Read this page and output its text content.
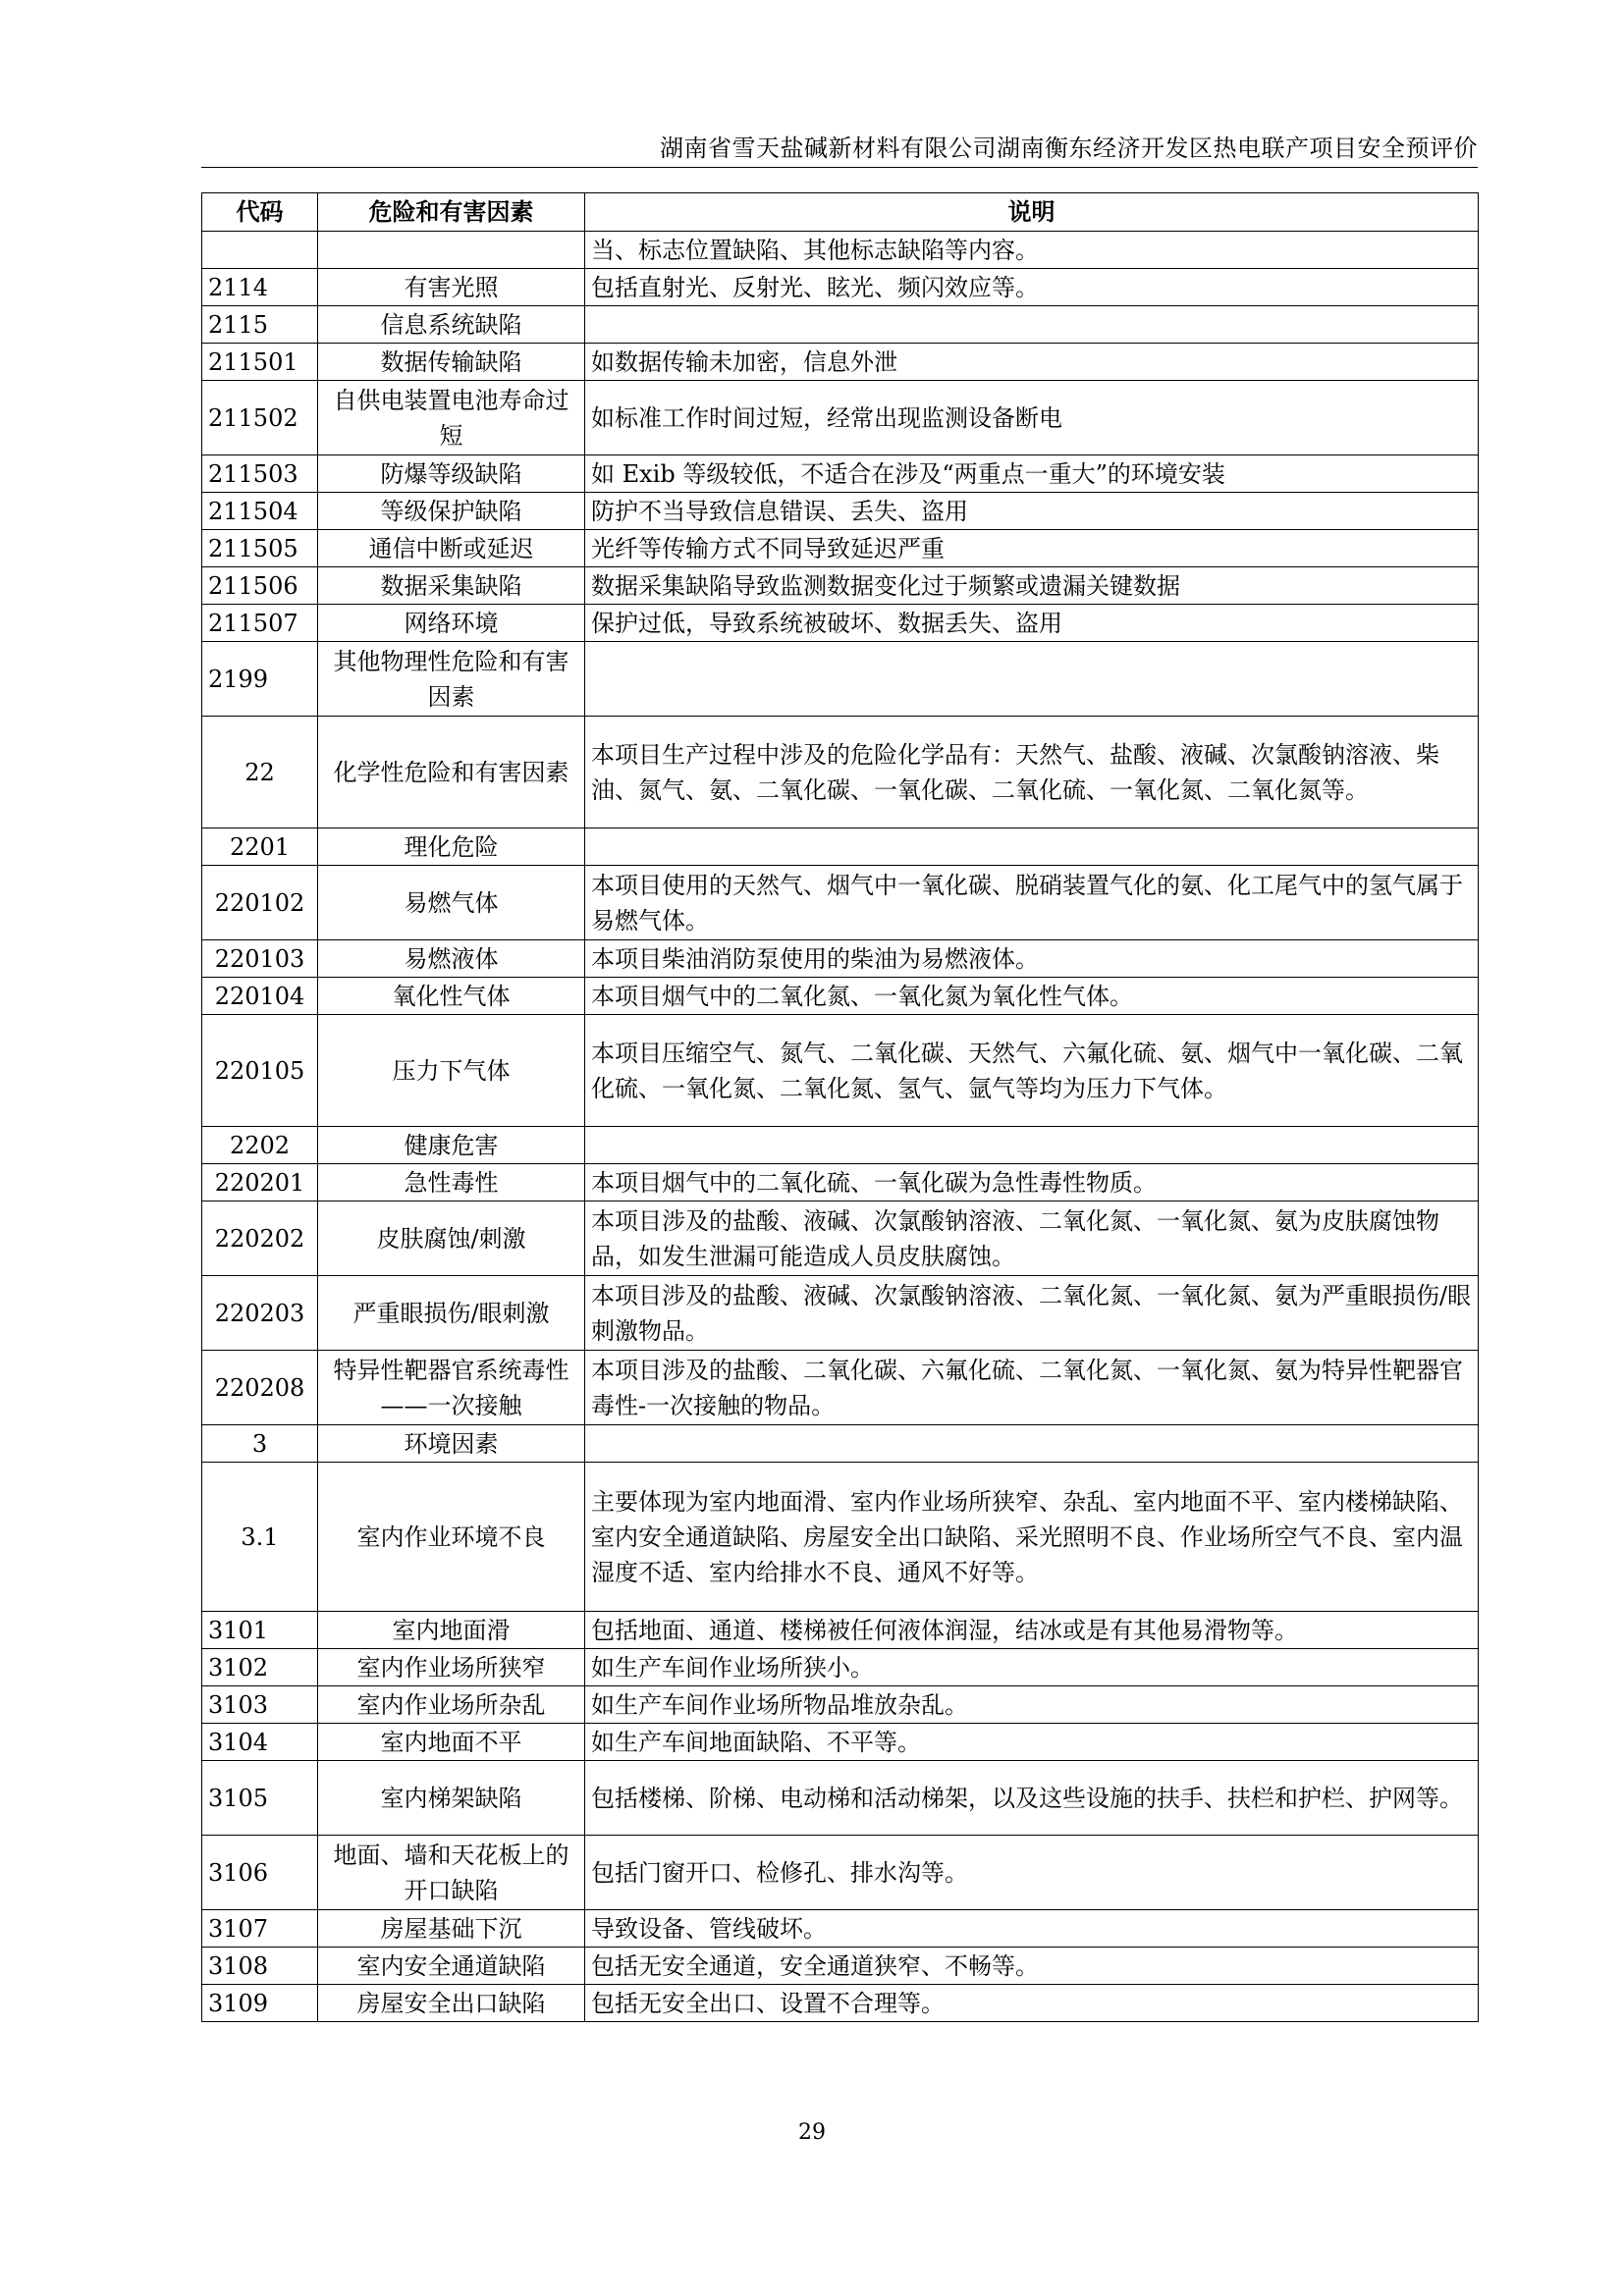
湖南省雪天盐碱新材料有限公司湖南衡东经济开发区热电联产项目安全预评价
代码	危险和有害因素	说明
		当、标志位置缺陷、其他标志缺陷等内容。
2114	有害光照	包括直射光、反射光、眩光、频闪效应等。
2115	信息系统缺陷	
211501	数据传输缺陷	如数据传输未加密，信息外泄
211502	自供电装置电池寿命过短	如标准工作时间过短，经常出现监测设备断电
211503	防爆等级缺陷	如 Exib 等级较低，不适合在涉及“两重点一重大”的环境安装
211504	等级保护缺陷	防护不当导致信息错误、丢失、盗用
211505	通信中断或延迟	光纤等传输方式不同导致延迟严重
211506	数据采集缺陷	数据采集缺陷导致监测数据变化过于频繁或遗漏关键数据
211507	网络环境	保护过低，导致系统被破坏、数据丢失、盗用
2199	其他物理性危险和有害因素	
22	化学性危险和有害因素	本项目生产过程中涉及的危险化学品有：天然气、盐酸、液碱、次氯酸钠溶液、柴油、氮气、氨、二氧化碳、一氧化碳、二氧化硫、一氧化氮、二氧化氮等。
2201	理化危险	
220102	易燃气体	本项目使用的天然气、烟气中一氧化碳、脱硝装置气化的氨、化工尾气中的氢气属于易燃气体。
220103	易燃液体	本项目柴油消防泵使用的柴油为易燃液体。
220104	氧化性气体	本项目烟气中的二氧化氮、一氧化氮为氧化性气体。
220105	压力下气体	本项目压缩空气、氮气、二氧化碳、天然气、六氟化硫、氨、烟气中一氧化碳、二氧化硫、一氧化氮、二氧化氮、氢气、氩气等均为压力下气体。
2202	健康危害	
220201	急性毒性	本项目烟气中的二氧化硫、一氧化碳为急性毒性物质。
220202	皮肤腐蚀/刺激	本项目涉及的盐酸、液碱、次氯酸钠溶液、二氧化氮、一氧化氮、氨为皮肤腐蚀物品，如发生泄漏可能造成人员皮肤腐蚀。
220203	严重眼损伤/眼刺激	本项目涉及的盐酸、液碱、次氯酸钠溶液、二氧化氮、一氧化氮、氨为严重眼损伤/眼刺激物品。
220208	特异性靶器官系统毒性——一次接触	本项目涉及的盐酸、二氧化碳、六氟化硫、二氧化氮、一氧化氮、氨为特异性靶器官毒性-一次接触的物品。
3	环境因素	
3.1	室内作业环境不良	主要体现为室内地面滑、室内作业场所狭窄、杂乱、室内地面不平、室内楼梯缺陷、室内安全通道缺陷、房屋安全出口缺陷、采光照明不良、作业场所空气不良、室内温湿度不适、室内给排水不良、通风不好等。
3101	室内地面滑	包括地面、通道、楼梯被任何液体润湿，结冰或是有其他易滑物等。
3102	室内作业场所狭窄	如生产车间作业场所狭小。
3103	室内作业场所杂乱	如生产车间作业场所物品堆放杂乱。
3104	室内地面不平	如生产车间地面缺陷、不平等。
3105	室内梯架缺陷	包括楼梯、阶梯、电动梯和活动梯架，以及这些设施的扶手、扶栏和护栏、护网等。
3106	地面、墙和天花板上的开口缺陷	包括门窗开口、检修孔、排水沟等。
3107	房屋基础下沉	导致设备、管线破坏。
3108	室内安全通道缺陷	包括无安全通道，安全通道狭窄、不畅等。
3109	房屋安全出口缺陷	包括无安全出口、设置不合理等。
29
